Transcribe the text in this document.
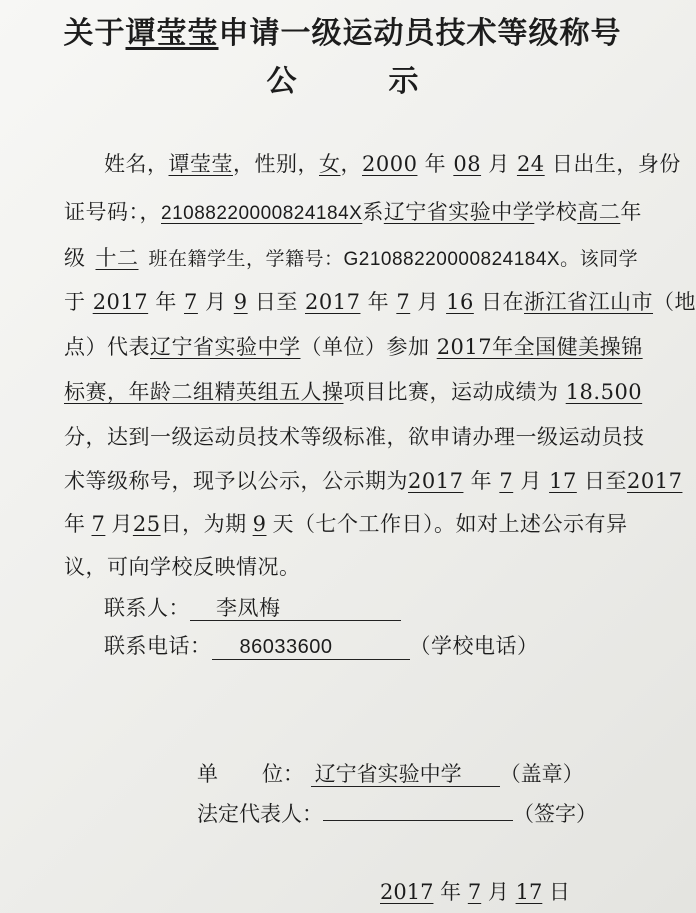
关于谭莹莹申请一级运动员技术等级称号
公	示
姓名，谭莹莹，性别，女，2000 年 08 月 24 日出生，身份
证号码：，21088220000824184X系辽宁省实验中学学校高二年
级 十二 班在籍学生，学籍号：G21088220000824184X。该同学
于 2017 年 7 月 9 日至 2017 年 7 月 16 日在浙江省江山市（地
点）代表辽宁省实验中学（单位）参加 2017年全国健美操锦
标赛，年龄二组精英组五人操项目比赛，运动成绩为 18.500
分，达到一级运动员技术等级标准，欲申请办理一级运动员技
术等级称号，现予以公示，公示期为2017 年 7 月 17 日至2017
年 7 月25日，为期 9 天（七个工作日）。如对上述公示有异
议，可向学校反映情况。
联系人： 李凤梅
联系电话： 86033600	（学校电话）
单 位： 辽宁省实验中学 （盖章）
法定代表人：	（签字）
2017 年 7 月 17 日
